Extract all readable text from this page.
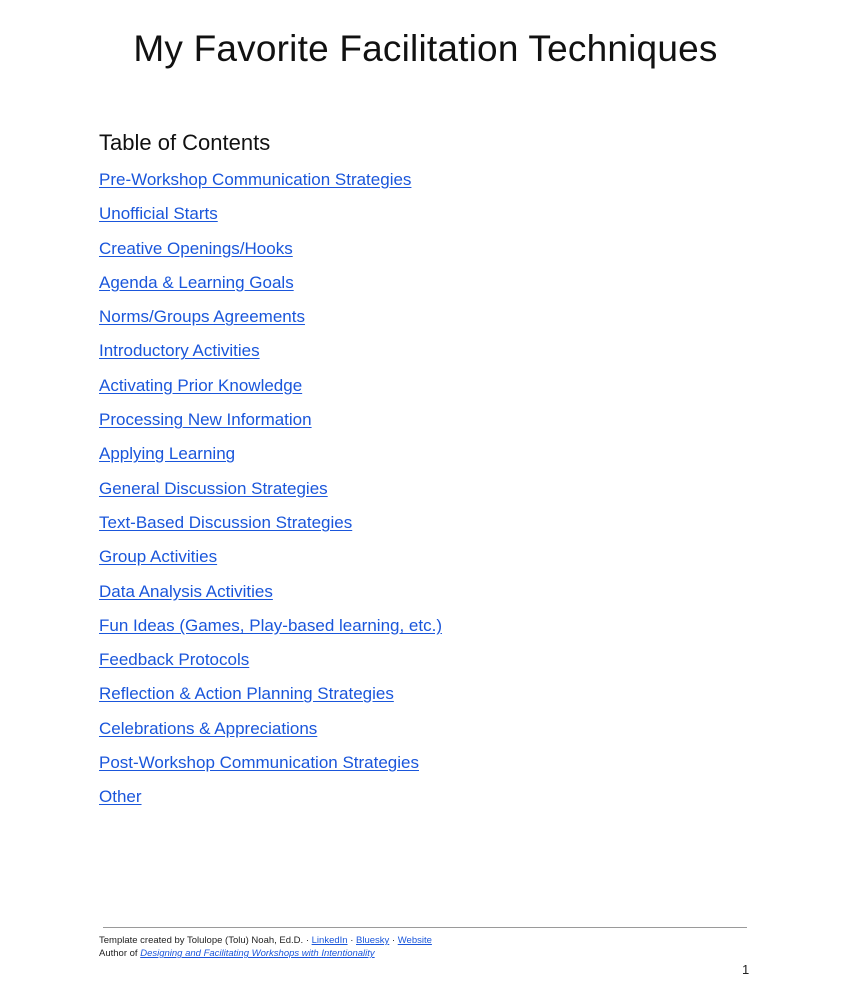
My Favorite Facilitation Techniques
Table of Contents
Pre-Workshop Communication Strategies
Unofficial Starts
Creative Openings/Hooks
Agenda & Learning Goals
Norms/Groups Agreements
Introductory Activities
Activating Prior Knowledge
Processing New Information
Applying Learning
General Discussion Strategies
Text-Based Discussion Strategies
Group Activities
Data Analysis Activities
Fun Ideas (Games, Play-based learning, etc.)
Feedback Protocols
Reflection & Action Planning Strategies
Celebrations & Appreciations
Post-Workshop Communication Strategies
Other
Template created by Tolulope (Tolu) Noah, Ed.D. · LinkedIn · Bluesky · Website
Author of Designing and Facilitating Workshops with Intentionality
1
